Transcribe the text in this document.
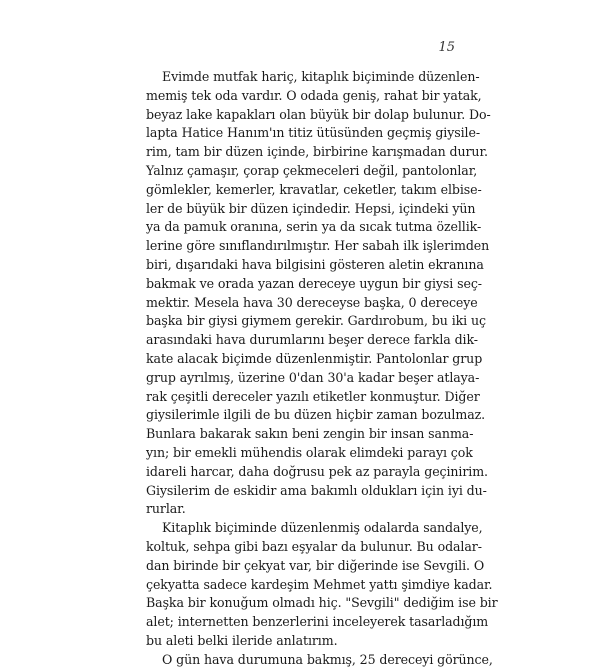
15
Evimde mutfak hariç, kitaplık biçiminde düzenlen-
memiş tek oda vardır. O odada geniş, rahat bir yatak,
beyaz lake kapakları olan büyük bir dolap bulunur. Do-
lapta Hatice Hanım'ın titiz ütüsünden geçmiş giysile-
rim, tam bir düzen içinde, birbirine karışmadan durur.
Yalnız çamaşır, çorap çekmeceleri değil, pantolonlar,
gömlekler, kemerler, kravatlar, ceketler, takım elbise-
ler de büyük bir düzen içindedir. Hepsi, içindeki yün
ya da pamuk oranına, serin ya da sıcak tutma özellik-
lerine göre sınıflandırılmıştır. Her sabah ilk işlerimden
biri, dışarıdaki hava bilgisini gösteren aletin ekranına
bakmak ve orada yazan dereceye uygun bir giysi seç-
mektir. Mesela hava 30 dereceyse başka, 0 dereceye
başka bir giysi giymem gerekir. Gardırobum, bu iki uç
arasındaki hava durumlarını beşer derece farkla dik-
kate alacak biçimde düzenlenmiştir. Pantolonlar grup
grup ayrılmış, üzerine 0'dan 30'a kadar beşer atlaya-
rak çeşitli dereceler yazılı etiketler konmuştur. Diğer
giysilerimle ilgili de bu düzen hiçbir zaman bozulmaz.
Bunlara bakarak sakın beni zengin bir insan sanma-
yın; bir emekli mühendis olarak elimdeki parayı çok
idareli harcar, daha doğrusu pek az parayla geçinirim.
Giysilerim de eskidir ama bakımlı oldukları için iyi du-
rurlar.
Kitaplık biçiminde düzenlenmiş odalarda sandalye,
koltuk, sehpa gibi bazı eşyalar da bulunur. Bu odalar-
dan birinde bir çekyat var, bir diğerinde ise Sevgili. O
çekyatta sadece kardeşim Mehmet yattı şimdiye kadar.
Başka bir konuğum olmadı hiç. "Sevgili" dediğim ise bir
alet; internetten benzerlerini inceleyerek tasarladığım
bu aleti belki ileride anlatırım.
O gün hava durumuna bakmış, 25 dereceyi görünce,
